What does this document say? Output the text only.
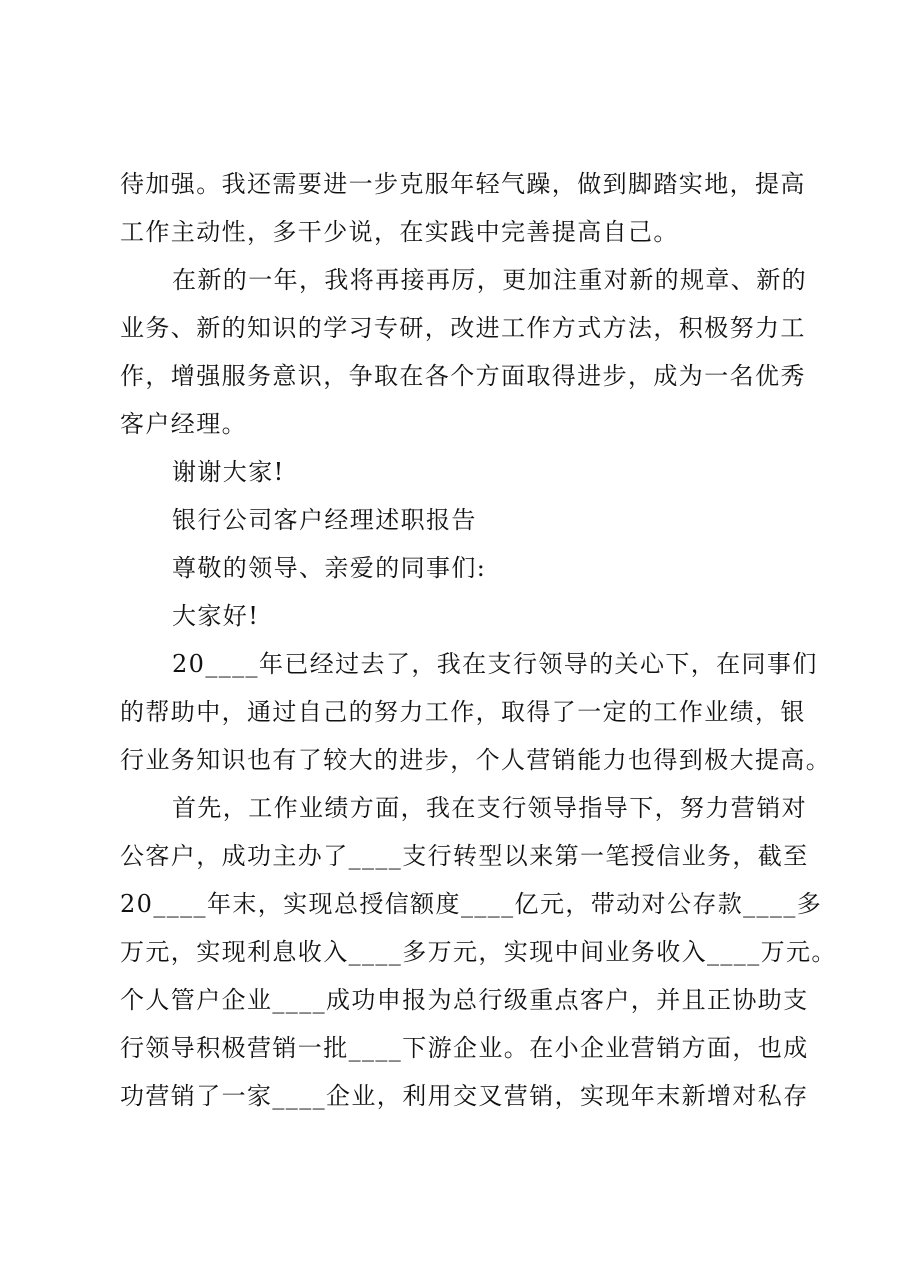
待加强。我还需要进一步克服年轻气躁，做到脚踏实地，提高
工作主动性，多干少说，在实践中完善提高自己。
在新的一年，我将再接再厉，更加注重对新的规章、新的
业务、新的知识的学习专研，改进工作方式方法，积极努力工
作，增强服务意识，争取在各个方面取得进步，成为一名优秀
客户经理。
谢谢大家!
银行公司客户经理述职报告
尊敬的领导、亲爱的同事们:
大家好!
20____年已经过去了，我在支行领导的关心下，在同事们
的帮助中，通过自己的努力工作，取得了一定的工作业绩，银
行业务知识也有了较大的进步，个人营销能力也得到极大提高。
首先，工作业绩方面，我在支行领导指导下，努力营销对
公客户，成功主办了____支行转型以来第一笔授信业务，截至
20____年末，实现总授信额度____亿元，带动对公存款____多
万元，实现利息收入____多万元，实现中间业务收入____万元。
个人管户企业____成功申报为总行级重点客户，并且正协助支
行领导积极营销一批____下游企业。在小企业营销方面，也成
功营销了一家____企业，利用交叉营销，实现年末新增对私存
